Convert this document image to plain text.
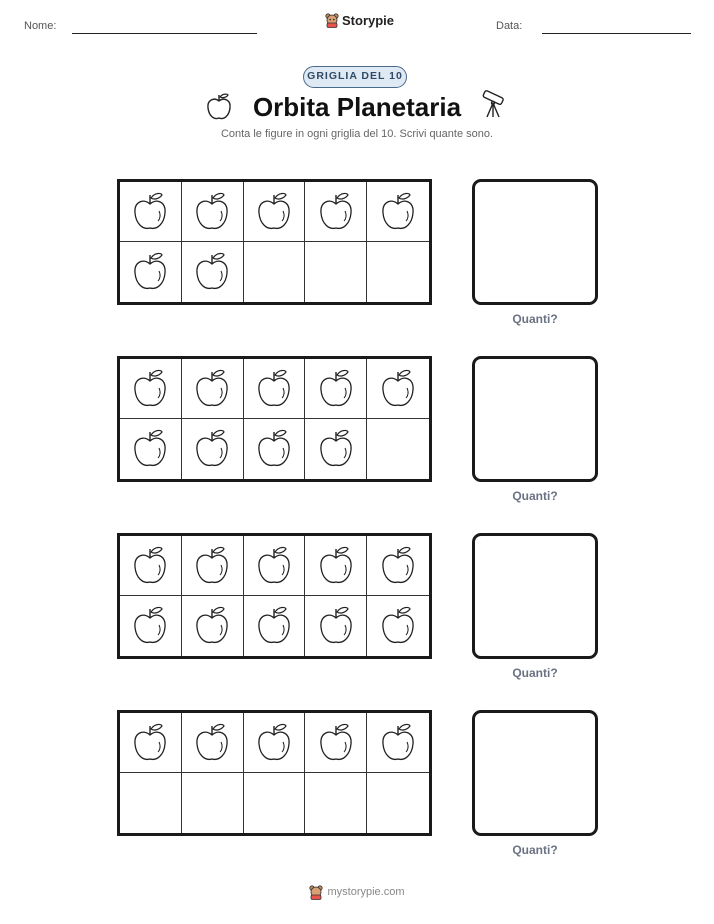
Nome:	Storypie	Data:
GRIGLIA DEL 10
Orbita Planetaria
Conta le figure in ogni griglia del 10. Scrivi quante sono.
Quanti?
Quanti?
Quanti?
Quanti?
mystorypie.com
